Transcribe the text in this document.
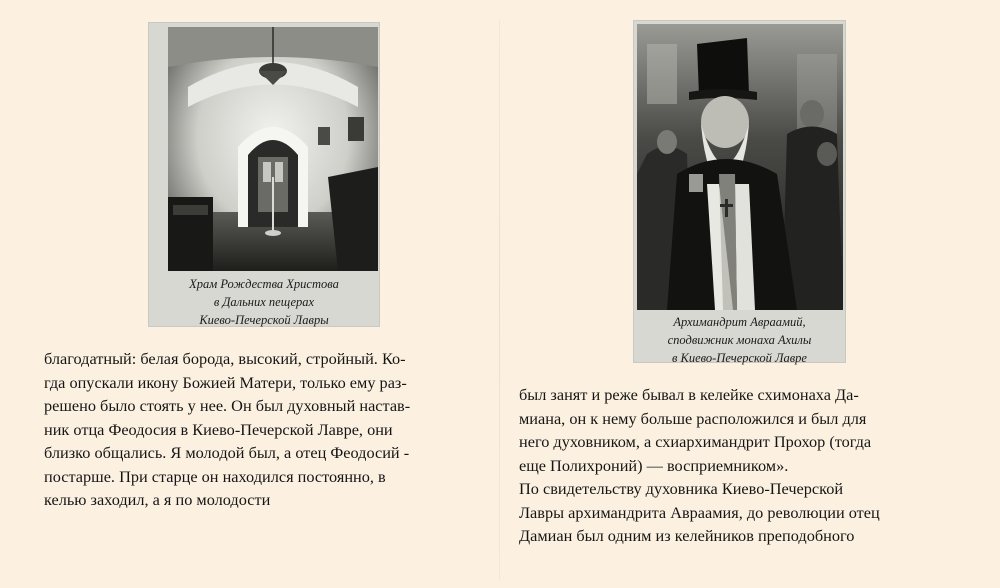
Храм Рождества Христова
в Дальних пещерах
Киево-Печерской Лавры
благодатный: белая борода, высокий, стройный. Ко-
гда опускали икону Божией Матери, только ему раз-
решено было стоять у нее. Он был духовный настав-
ник отца Феодосия в Киево-Печерской Лавре, они
близко общались. Я молодой был, а отец Феодосий -
постарше. При старце он находился постоянно, в
келью заходил, а я по молодости
Архимандрит Авраамий,
сподвижник монаха Ахилы
в Киево-Печерской Лавре
был занят и реже бывал в келейке схимонаха Да-
миана, он к нему больше расположился и был для
него духовником, а схиархимандрит Прохор (тогда
еще Полихроний) — восприемником».
По свидетельству духовника Киево-Печерской
Лавры архимандрита Авраамия, до революции отец
Дамиан был одним из келейников преподобного
